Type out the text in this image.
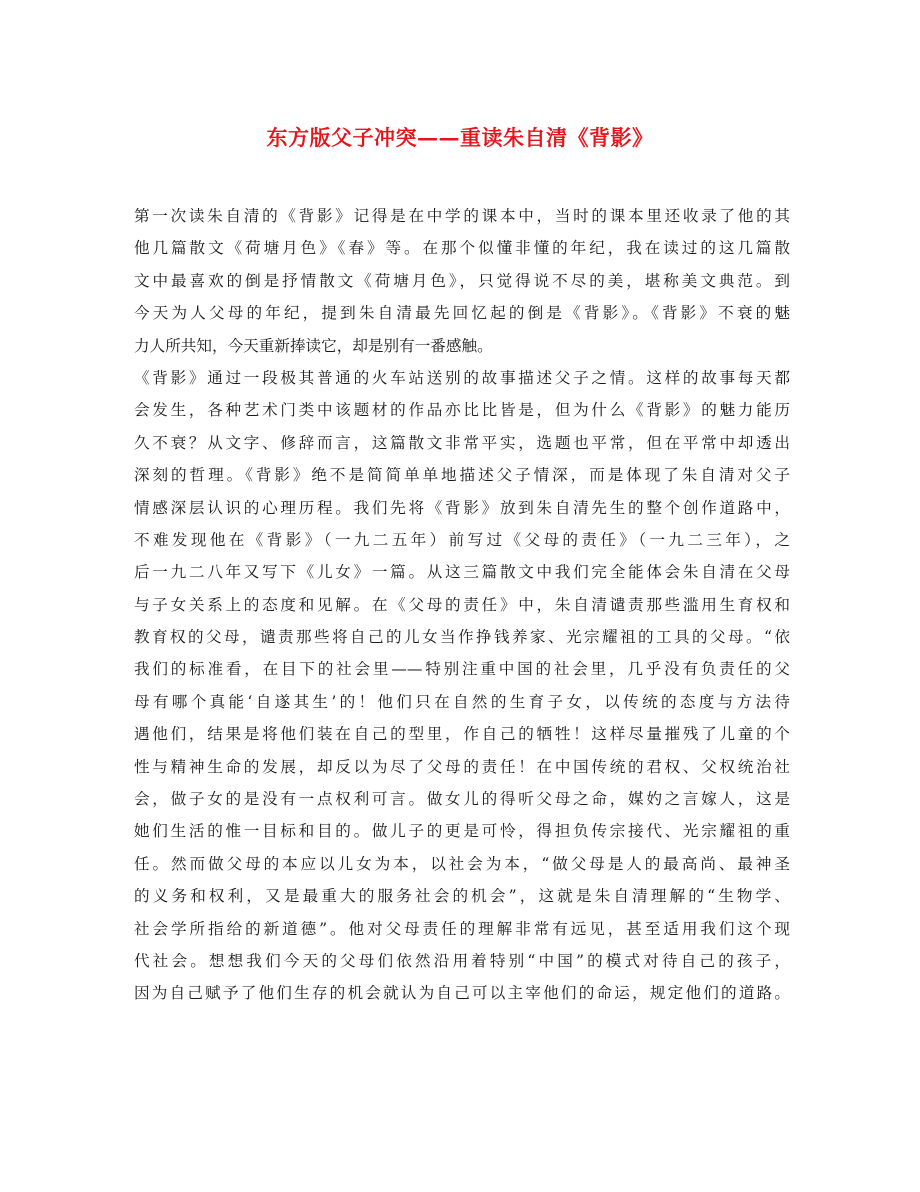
东方版父子冲突——重读朱自清《背影》
第一次读朱自清的《背影》记得是在中学的课本中，当时的课本里还收录了他的其
他几篇散文《荷塘月色》《春》等。在那个似懂非懂的年纪，我在读过的这几篇散
文中最喜欢的倒是抒情散文《荷塘月色》，只觉得说不尽的美，堪称美文典范。到
今天为人父母的年纪，提到朱自清最先回忆起的倒是《背影》。《背影》不衰的魅
力人所共知，今天重新捧读它，却是别有一番感触。
《背影》通过一段极其普通的火车站送别的故事描述父子之情。这样的故事每天都
会发生，各种艺术门类中该题材的作品亦比比皆是，但为什么《背影》的魅力能历
久不衰？从文字、修辞而言，这篇散文非常平实，选题也平常，但在平常中却透出
深刻的哲理。《背影》绝不是简简单单地描述父子情深，而是体现了朱自清对父子
情感深层认识的心理历程。我们先将《背影》放到朱自清先生的整个创作道路中，
不难发现他在《背影》（一九二五年）前写过《父母的责任》（一九二三年），之
后一九二八年又写下《儿女》一篇。从这三篇散文中我们完全能体会朱自清在父母
与子女关系上的态度和见解。在《父母的责任》中，朱自清谴责那些滥用生育权和
教育权的父母，谴责那些将自己的儿女当作挣钱养家、光宗耀祖的工具的父母。“依
我们的标准看，在目下的社会里——特别注重中国的社会里，几乎没有负责任的父
母有哪个真能‘自遂其生’的！他们只在自然的生育子女，以传统的态度与方法待
遇他们，结果是将他们装在自己的型里，作自己的牺牲！这样尽量摧残了儿童的个
性与精神生命的发展，却反以为尽了父母的责任！在中国传统的君权、父权统治社
会，做子女的是没有一点权利可言。做女儿的得听父母之命，媒妁之言嫁人，这是
她们生活的惟一目标和目的。做儿子的更是可怜，得担负传宗接代、光宗耀祖的重
任。然而做父母的本应以儿女为本，以社会为本，“做父母是人的最高尚、最神圣
的义务和权利，又是最重大的服务社会的机会”，这就是朱自清理解的“生物学、
社会学所指给的新道德”。他对父母责任的理解非常有远见，甚至适用我们这个现
代社会。想想我们今天的父母们依然沿用着特别“中国”的模式对待自己的孩子，
因为自己赋予了他们生存的机会就认为自己可以主宰他们的命运，规定他们的道路。
